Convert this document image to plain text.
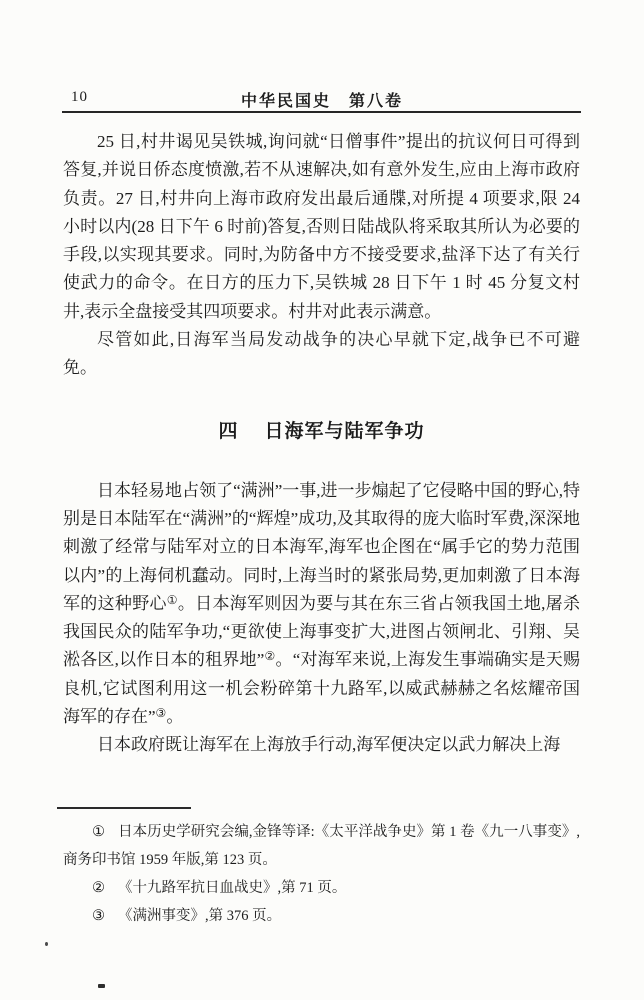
10	中华民国史　第八卷

25 日,村井谒见吴铁城,询问就“日僧事件”提出的抗议何日可得到答复,并说日侨态度愤激,若不从速解决,如有意外发生,应由上海市政府负责。27 日,村井向上海市政府发出最后通牒,对所提 4 项要求,限 24 小时以内(28 日下午 6 时前)答复,否则日陆战队将采取其所认为必要的手段,以实现其要求。同时,为防备中方不接受要求,盐泽下达了有关行使武力的命令。在日方的压力下,吴铁城 28 日下午 1 时 45 分复文村井,表示全盘接受其四项要求。村井对此表示满意。

尽管如此,日海军当局发动战争的决心早就下定,战争已不可避免。

四 日海军与陆军争功

日本轻易地占领了“满洲”一事,进一步煽起了它侵略中国的野心,特别是日本陆军在“满洲”的“辉煌”成功,及其取得的庞大临时军费,深深地刺激了经常与陆军对立的日本海军,海军也企图在“属手它的势力范围以内”的上海伺机蠢动。同时,上海当时的紧张局势,更加刺激了日本海军的这种野心①。日本海军则因为要与其在东三省占领我国土地,屠杀我国民众的陆军争功,“更欲使上海事变扩大,进图占领闸北、引翔、吴淞各区,以作日本的租界地”②。“对海军来说,上海发生事端确实是天赐良机,它试图利用这一机会粉碎第十九路军,以威武赫赫之名炫耀帝国海军的存在”③。

日本政府既让海军在上海放手行动,海军便决定以武力解决上海

① 日本历史学研究会编,金锋等译:《太平洋战争史》第 1 卷《九一八事变》,商务印书馆 1959 年版,第 123 页。

② 《十九路军抗日血战史》,第 71 页。

③ 《满洲事变》,第 376 页。
